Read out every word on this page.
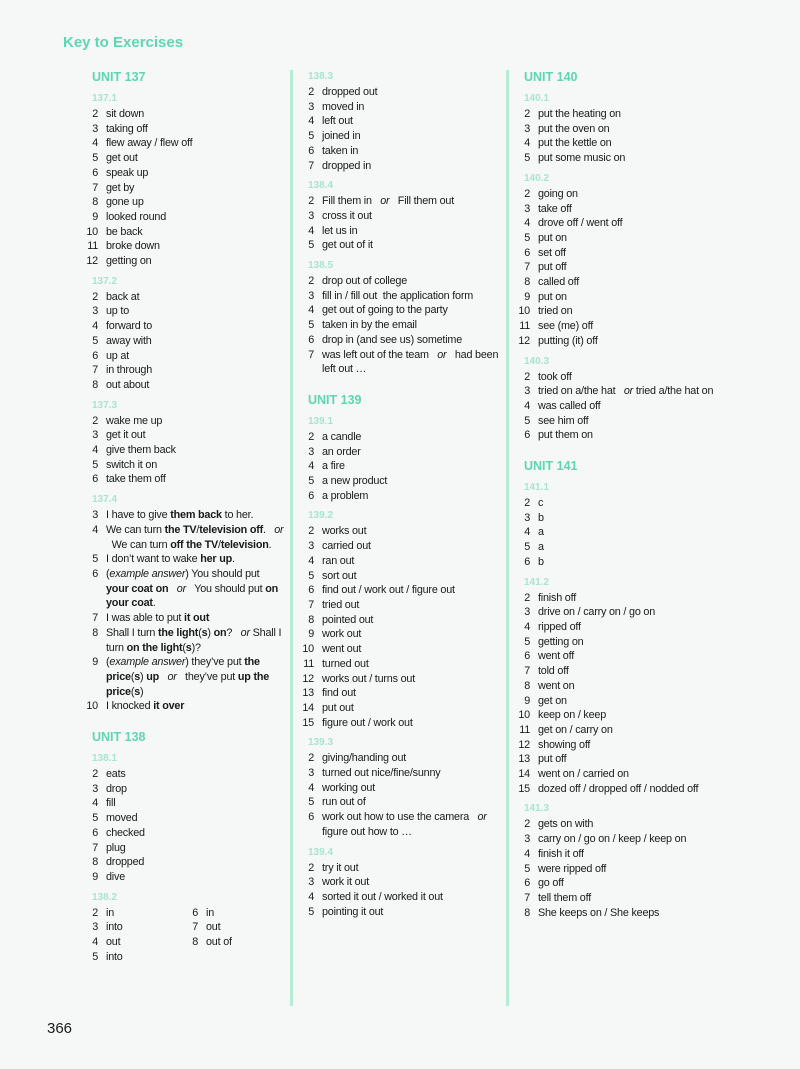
Key to Exercises
UNIT 137
137.1
2 sit down
3 taking off
4 flew away / flew off
5 get out
6 speak up
7 get by
8 gone up
9 looked round
10 be back
11 broke down
12 getting on
137.2
2 back at
3 up to
4 forward to
5 away with
6 up at
7 in through
8 out about
137.3
2 wake me up
3 get it out
4 give them back
5 switch it on
6 take them off
137.4
3 I have to give them back to her.
4 We can turn the TV/television off.   or   We can turn off the TV/television.
5 I don’t want to wake her up.
6 (example answer) You should put your coat on or   You should put on your coat.
7 I was able to put it out
8 Shall I turn the light(s) on?   or Shall I turn on the light(s)?
9 (example answer) they’ve put the price(s) up or   they’ve put up the price(s)
10 I knocked it over
UNIT 138
138.1
2 eats
3 drop
4 fill
5 moved
6 checked
7 plug
8 dropped
9 dive
138.2
2 in	6 in
3 into	7 out
4 out	8 out of
5 into
138.3
2 dropped out
3 moved in
4 left out
5 joined in
6 taken in
7 dropped in
138.4
2 Fill them in   or   Fill them out
3 cross it out
4 let us in
5 get out of it
138.5
2 drop out of college
3 fill in / fill out  the application form
4 get out of going to the party
5 taken in by the email
6 drop in (and see us) sometime
7 was left out of the team   or   had been left out …
UNIT 139
139.1
2 a candle
3 an order
4 a fire
5 a new product
6 a problem
139.2
2 works out
3 carried out
4 ran out
5 sort out
6 find out / work out / figure out
7 tried out
8 pointed out
9 work out
10 went out
11 turned out
12 works out / turns out
13 find out
14 put out
15 figure out / work out
139.3
2 giving/handing out
3 turned out nice/fine/sunny
4 working out
5 run out of
6 work out how to use the camera   or figure out how to …
139.4
2 try it out
3 work it out
4 sorted it out / worked it out
5 pointing it out
UNIT 140
140.1
2 put the heating on
3 put the oven on
4 put the kettle on
5 put some music on
140.2
2 going on
3 take off
4 drove off / went off
5 put on
6 set off
7 put off
8 called off
9 put on
10 tried on
11 see (me) off
12 putting (it) off
140.3
2 took off
3 tried on a/the hat   or tried a/the hat on
4 was called off
5 see him off
6 put them on
UNIT 141
141.1
2 c
3 b
4 a
5 a
6 b
141.2
2 finish off
3 drive on / carry on / go on
4 ripped off
5 getting on
6 went off
7 told off
8 went on
9 get on
10 keep on / keep
11 get on / carry on
12 showing off
13 put off
14 went on / carried on
15 dozed off / dropped off / nodded off
141.3
2 gets on with
3 carry on / go on / keep / keep on
4 finish it off
5 were ripped off
6 go off
7 tell them off
8 She keeps on / She keeps
366
